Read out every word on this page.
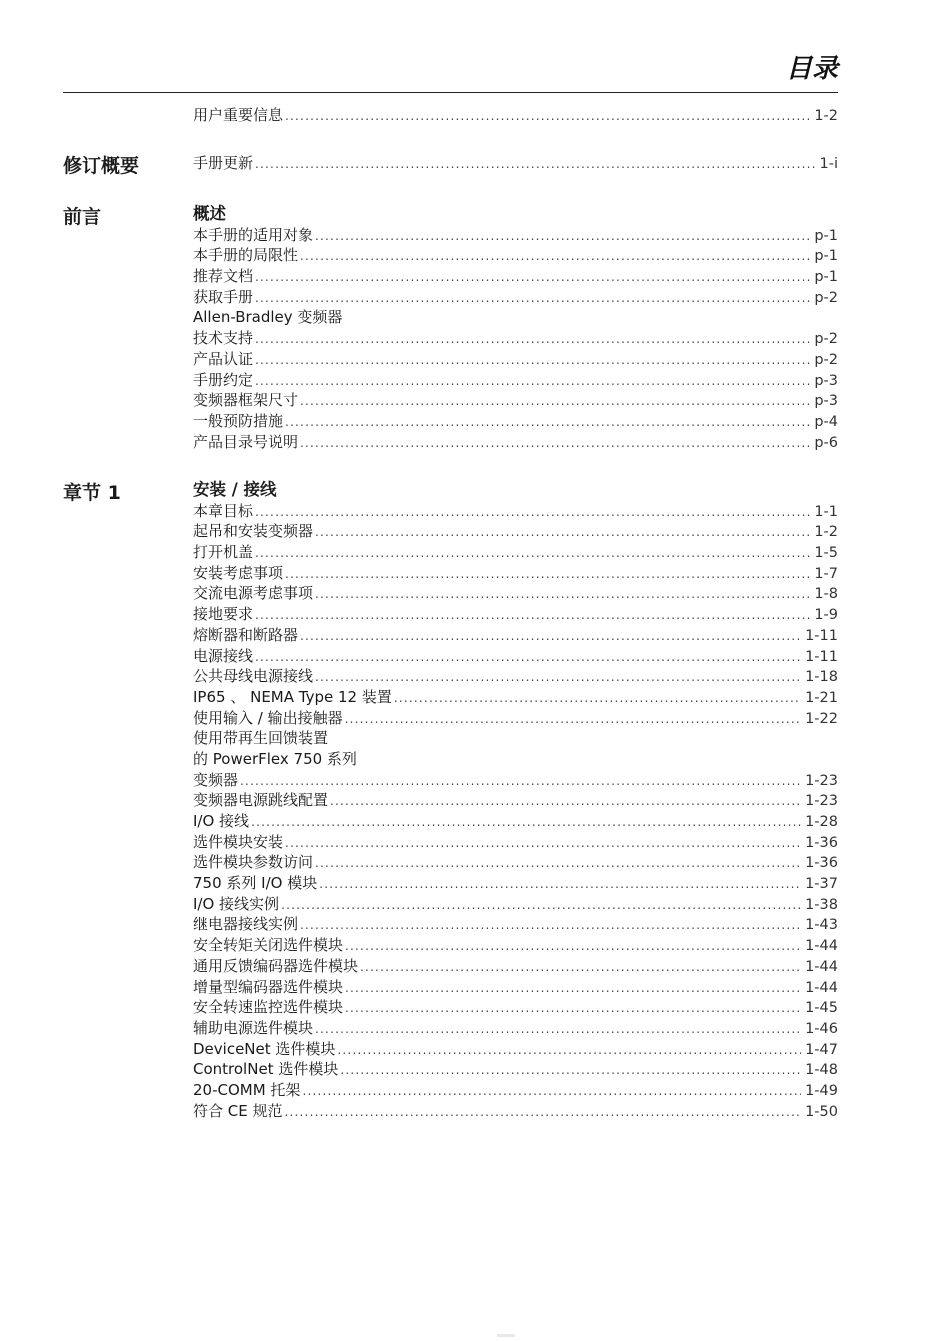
目录
用户重要信息 .....	1-2
修订概要	手册更新 .....	1-i
前言	概述
本手册的适用对象 .....	p-1
本手册的局限性 .....	p-1
推荐文档 .....	p-1
获取手册 .....	p-2
Allen-Bradley 变频器
技术支持 .....	p-2
产品认证 .....	p-2
手册约定 .....	p-3
变频器框架尺寸 .....	p-3
一般预防措施 .....	p-4
产品目录号说明 .....	p-6
章节 1	安装 / 接线
本章目标 .....	1-1
起吊和安装变频器 .....	1-2
打开机盖 .....	1-5
安装考虑事项 .....	1-7
交流电源考虑事项 .....	1-8
接地要求 .....	1-9
熔断器和断路器 .....	1-11
电源接线 .....	1-11
公共母线电源接线 .....	1-18
IP65 、 NEMA Type 12 装置 .....	1-21
使用输入 / 输出接触器 .....	1-22
使用带再生回馈装置
的 PowerFlex 750 系列
变频器 .....	1-23
变频器电源跳线配置 .....	1-23
I/O 接线 .....	1-28
选件模块安装 .....	1-36
选件模块参数访问 .....	1-36
750 系列 I/O 模块 .....	1-37
I/O 接线实例 .....	1-38
继电器接线实例 .....	1-43
安全转矩关闭选件模块 .....	1-44
通用反馈编码器选件模块 .....	1-44
增量型编码器选件模块 .....	1-44
安全转速监控选件模块 .....	1-45
辅助电源选件模块 .....	1-46
DeviceNet 选件模块 .....	1-47
ControlNet 选件模块 .....	1-48
20-COMM 托架 .....	1-49
符合 CE 规范 .....	1-50
